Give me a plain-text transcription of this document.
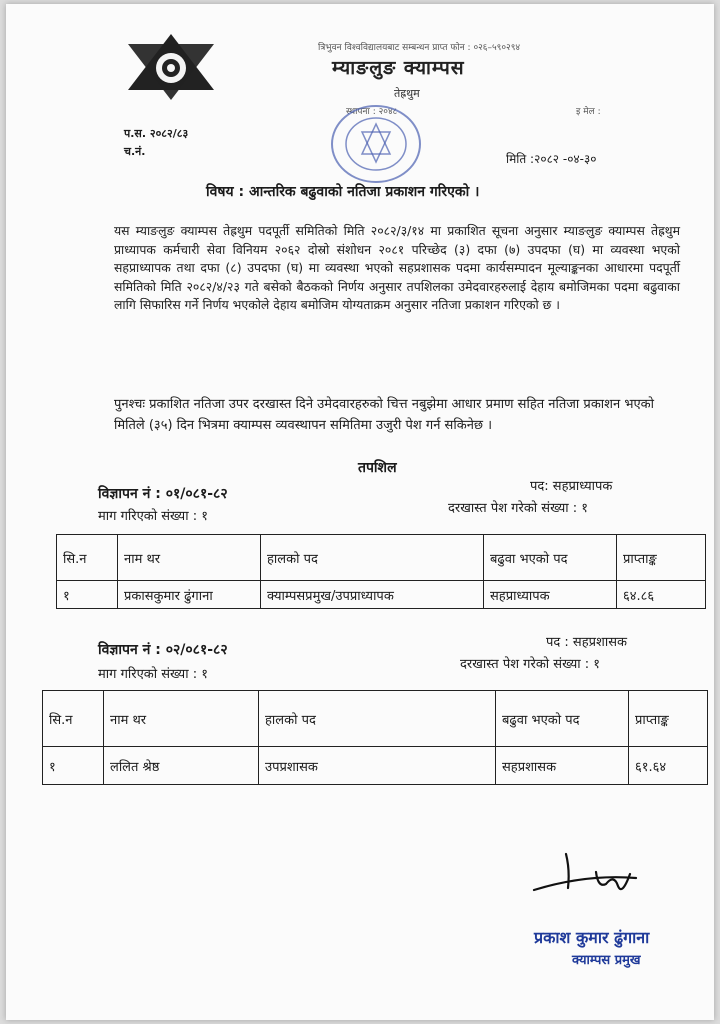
त्रिभुवन विश्वविद्यालयबाट सम्बन्धन प्राप्त फोन : ०२६–५९०२९४
म्याङलुङ क्याम्पस
तेह्रथुम
स्थापना : २०४८	इ मेल :
प.स. २०८२/८३
च.नं.
मिति :२०८२ -०४-३०
विषय : आन्तरिक बढुवाको नतिजा प्रकाशन गरिएको ।
यस म्याङलुङ क्याम्पस तेह्रथुम पदपूर्ती समितिको मिति २०८२/३/१४ मा प्रकाशित सूचना अनुसार म्याङलुङ क्याम्पस तेह्रथुम प्राध्यापक कर्मचारी सेवा विनियम २०६२ दोस्रो संशोधन २०८१ परिच्छेद (३) दफा (७) उपदफा (घ) मा व्यवस्था भएको सहप्राध्यापक तथा दफा (८) उपदफा (घ) मा व्यवस्था भएको सहप्रशासक पदमा कार्यसम्पादन मूल्याङ्कनका आधारमा पदपूर्ती समितिको मिति २०८२/४/२३ गते बसेको बैठकको निर्णय अनुसार तपशिलका उमेदवारहरुलाई देहाय बमोजिमका पदमा बढुवाका लागि सिफारिस गर्ने निर्णय भएकोले देहाय बमोजिम योग्यताक्रम अनुसार नतिजा प्रकाशन गरिएको छ ।
पुनश्चः प्रकाशित नतिजा उपर दरखास्त दिने उमेदवारहरुको चित्त नबुझेमा आधार प्रमाण सहित नतिजा प्रकाशन भएको मितिले (३५) दिन भित्रमा क्याम्पस व्यवस्थापन समितिमा उजुरी पेश गर्न सकिनेछ ।
तपशिल
विज्ञापन नं : ०१/०८१-८२	पद: सहप्राध्यापक
माग गरिएको संख्या : १
दरखास्त पेश गरेको संख्या : १
सि.न	नाम थर	हालको पद	बढुवा भएको पद	प्राप्ताङ्क
१	प्रकासकुमार ढुंगाना	क्याम्पसप्रमुख/उपप्राध्यापक	सहप्राध्यापक	६४.८६
विज्ञापन नं : ०२/०८१-८२	पद : सहप्रशासक
माग गरिएको संख्या : १
दरखास्त पेश गरेको संख्या : १
सि.न	नाम थर	हालको पद	बढुवा भएको पद	प्राप्ताङ्क
१	ललित श्रेष्ठ	उपप्रशासक	सहप्रशासक	६१.६४
प्रकाश कुमार ढुंगाना
क्याम्पस प्रमुख
